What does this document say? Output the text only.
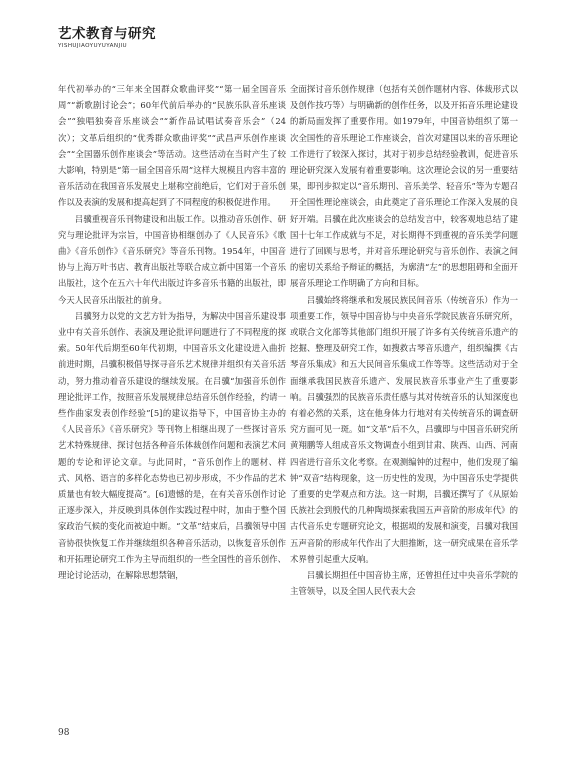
艺术教育与研究
YISHUJIAOYUYUYANJIU

年代初举办的“三年来全国群众歌曲评奖”“第一届全国音乐周”“新歌剧讨论会”；60年代前后举办的“民族乐队音乐座谈会”“独唱独奏音乐座谈会”“新作品试唱试奏音乐会”（24次）；文革后组织的“优秀群众歌曲评奖”“武昌声乐创作座谈会”“全国器乐创作座谈会”等活动。这些活动在当时产生了较大影响，特别是“第一届全国音乐周”这样大规模且内容丰富的音乐活动在我国音乐发展史上堪称空前绝后，它们对于音乐创作以及表演的发展和提高起到了不同程度的积极促进作用。

吕骥重视音乐刊物建设和出版工作。以推动音乐创作、研究与理论批评为宗旨，中国音协相继创办了《人民音乐》《歌曲》《音乐创作》《音乐研究》等音乐刊物。1954年，中国音协与上海万叶书店、教育出版社等联合成立新中国第一个音乐出版社，这个在五六十年代出版过许多音乐书籍的出版社，即今天人民音乐出版社的前身。

吕骥努力以党的文艺方针为指导，为解决中国音乐建设事业中有关音乐创作、表演及理论批评问题进行了不同程度的探索。50年代后期至60年代初期，中国音乐文化建设进入曲折前进时期，吕骥积极倡导探寻音乐艺术规律并组织有关音乐活动，努力推动着音乐建设的继续发展。在吕骥“加强音乐创作理论批评工作，按照音乐发展规律总结音乐创作经验，约请一些作曲家发表创作经验”[5]的建议指导下，中国音协主办的《人民音乐》《音乐研究》等刊物上相继出现了一些探讨音乐艺术特殊规律、探讨包括各种音乐体裁创作问题和表演艺术问题的专论和评论文章。与此同时，“音乐创作上的题材、样式、风格、语言的多样化态势也已初步形成，不少作品的艺术质量也有较大幅度提高”。[6]遗憾的是，在有关音乐创作讨论正逐步深入，并反映到具体创作实践过程中时，加由于整个国家政治气候的变化而被迫中断。“文革”结束后，吕骥领导中国音协很快恢复工作并继续组织各种音乐活动，以恢复音乐创作和开拓理论研究工作为主导而组织的一些全国性的音乐创作、理论讨论活动，在解除思想禁锢，

全面探讨音乐创作规律（包括有关创作题材内容、体裁形式以及创作技巧等）与明确新的创作任务，以及开拓音乐理论建设的新局面发挥了重要作用。如1979年，中国音协组织了第一次全国性的音乐理论工作座谈会，首次对建国以来的音乐理论工作进行了较深入探讨，其对于初步总结经验教训，促进音乐理论研究深入发展有着重要影响。这次理论会议的另一重要结果，即刊步拟定以“音乐期刊、音乐美学、轻音乐”等为专题召开全国性理论座谈会，由此奠定了音乐理论工作深入发展的良好开端。吕骥在此次座谈会的总结发言中，较客观地总结了建国十七年工作成就与不足，对长期得不到重视的音乐美学问题进行了回顾与思考，并对音乐理论研究与音乐创作、表演之间的密切关系给予辩证的概括，为廓清“左”的思想阻碍和全面开展音乐理论工作明确了方向和目标。

吕骥始终将继承和发展民族民间音乐（传统音乐）作为一项重要工作，领导中国音协与中央音乐学院民族音乐研究所，或联合文化部等其他部门组织开展了许多有关传统音乐遗产的挖掘、整理及研究工作，如搜救古琴音乐遗产，组织编撰《古琴音乐集成》和五大民间音乐集成工作等等。这些活动对于全面继承我国民族音乐遗产、发展民族音乐事业产生了重要影响。吕骥强烈的民族音乐责任感与其对传统音乐的认知深度也有着必然的关系，这在他身体力行地对有关传统音乐的调查研究方面可见一斑。如“文革”后不久，吕骥即与中国音乐研究所黄翔鹏等人组成音乐文物调查小组到甘肃、陕西、山西、河南四省进行音乐文化考察。在观测编钟的过程中，他们发现了编钟“双音”结构现象，这一历史性的发现，为中国音乐史学提供了重要的史学观点和方法。这一时期，吕骥还撰写了《从原始氏族社会到殷代的几种陶埙探索我国五声音阶的形成年代》的古代音乐史专题研究论文，根据埙的发展和演变，吕骥对我国五声音阶的形成年代作出了大胆推断，这一研究成果在音乐学术界曾引起重大反响。

吕骥长期担任中国音协主席，还曾担任过中央音乐学院的主管领导，以及全国人民代表大会

98
